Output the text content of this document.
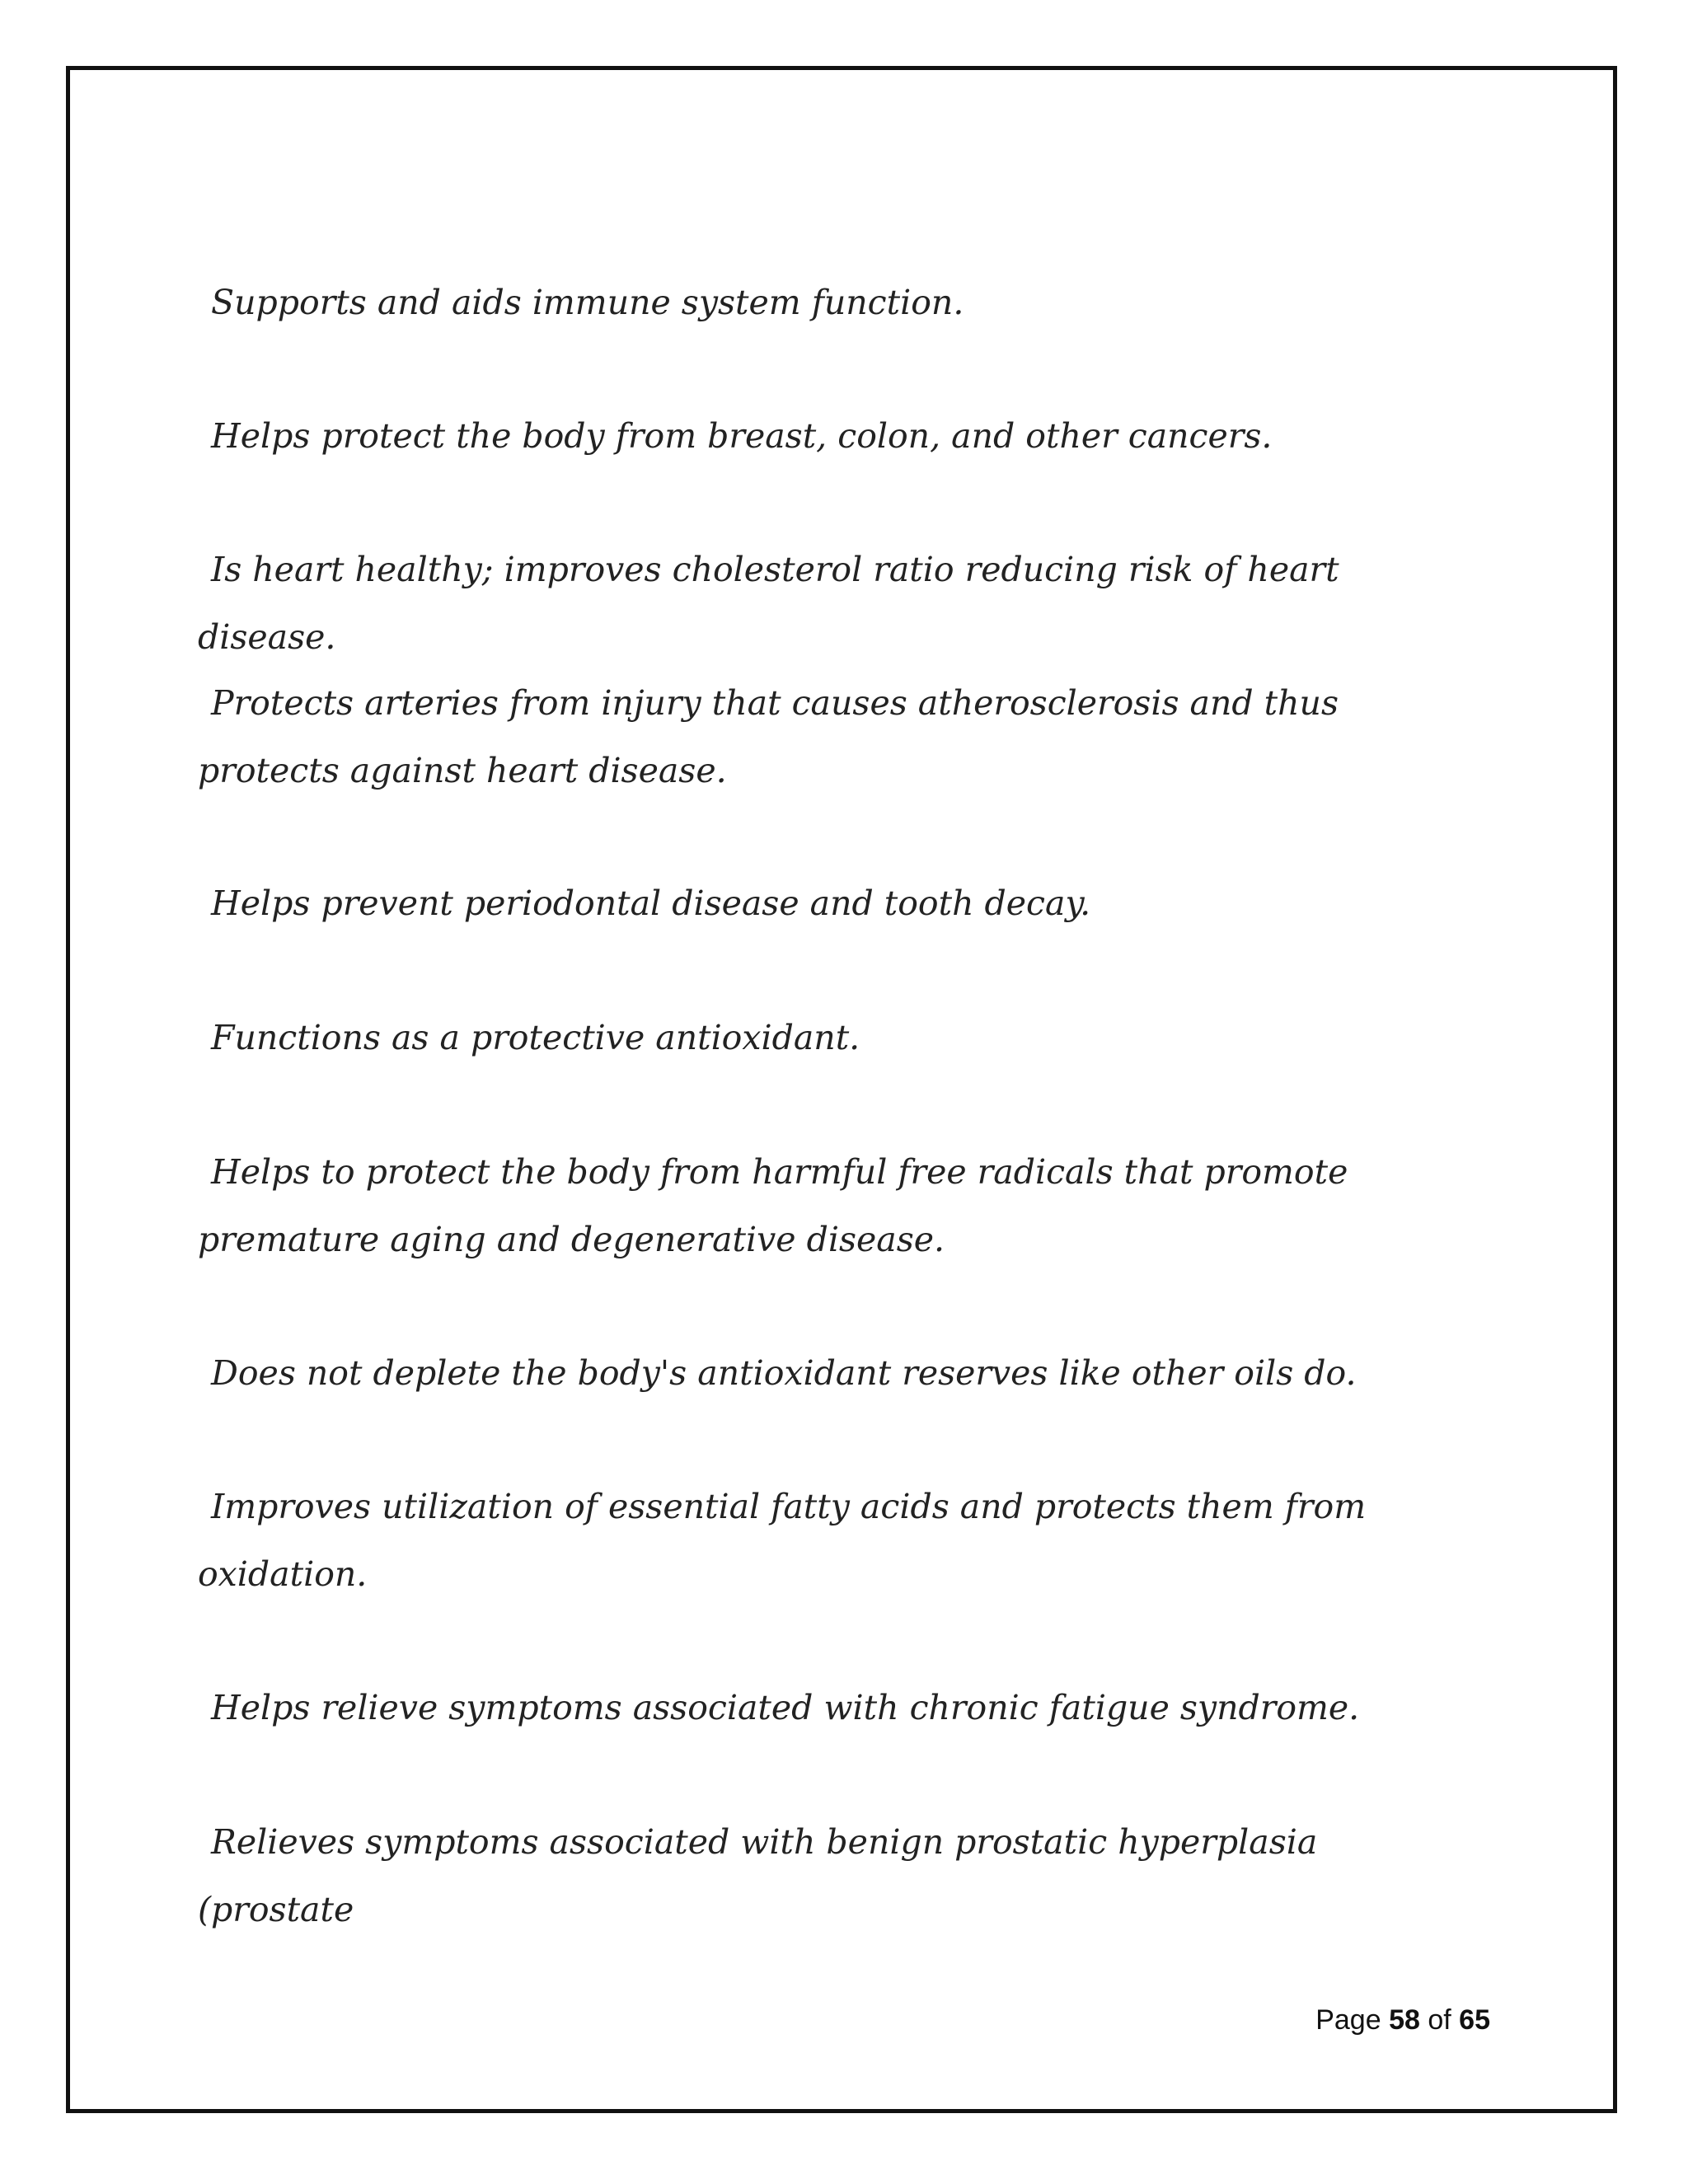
Supports and aids immune system function.
Helps protect the body from breast, colon, and other cancers.
Is heart healthy; improves cholesterol ratio reducing risk of heart disease.
Protects arteries from injury that causes atherosclerosis and thus protects against heart disease.
Helps prevent periodontal disease and tooth decay.
Functions as a protective antioxidant.
Helps to protect the body from harmful free radicals that promote premature aging and degenerative disease.
Does not deplete the body's antioxidant reserves like other oils do.
Improves utilization of essential fatty acids and protects them from oxidation.
Helps relieve symptoms associated with chronic fatigue syndrome.
Relieves symptoms associated with benign prostatic hyperplasia (prostate
Page 58 of 65
